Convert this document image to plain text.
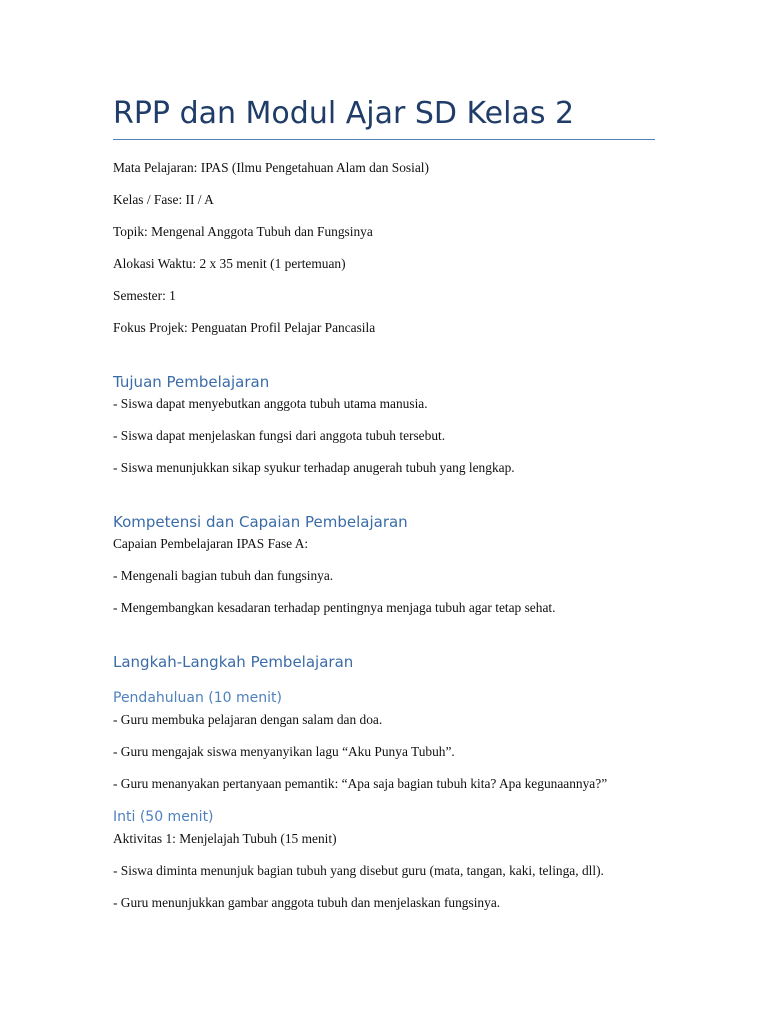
RPP dan Modul Ajar SD Kelas 2
Mata Pelajaran: IPAS (Ilmu Pengetahuan Alam dan Sosial)
Kelas / Fase: II / A
Topik: Mengenal Anggota Tubuh dan Fungsinya
Alokasi Waktu: 2 x 35 menit (1 pertemuan)
Semester: 1
Fokus Projek: Penguatan Profil Pelajar Pancasila
Tujuan Pembelajaran
- Siswa dapat menyebutkan anggota tubuh utama manusia.
- Siswa dapat menjelaskan fungsi dari anggota tubuh tersebut.
- Siswa menunjukkan sikap syukur terhadap anugerah tubuh yang lengkap.
Kompetensi dan Capaian Pembelajaran
Capaian Pembelajaran IPAS Fase A:
- Mengenali bagian tubuh dan fungsinya.
- Mengembangkan kesadaran terhadap pentingnya menjaga tubuh agar tetap sehat.
Langkah-Langkah Pembelajaran
Pendahuluan (10 menit)
- Guru membuka pelajaran dengan salam dan doa.
- Guru mengajak siswa menyanyikan lagu “Aku Punya Tubuh”.
- Guru menanyakan pertanyaan pemantik: “Apa saja bagian tubuh kita? Apa kegunaannya?”
Inti (50 menit)
Aktivitas 1: Menjelajah Tubuh (15 menit)
- Siswa diminta menunjuk bagian tubuh yang disebut guru (mata, tangan, kaki, telinga, dll).
- Guru menunjukkan gambar anggota tubuh dan menjelaskan fungsinya.
